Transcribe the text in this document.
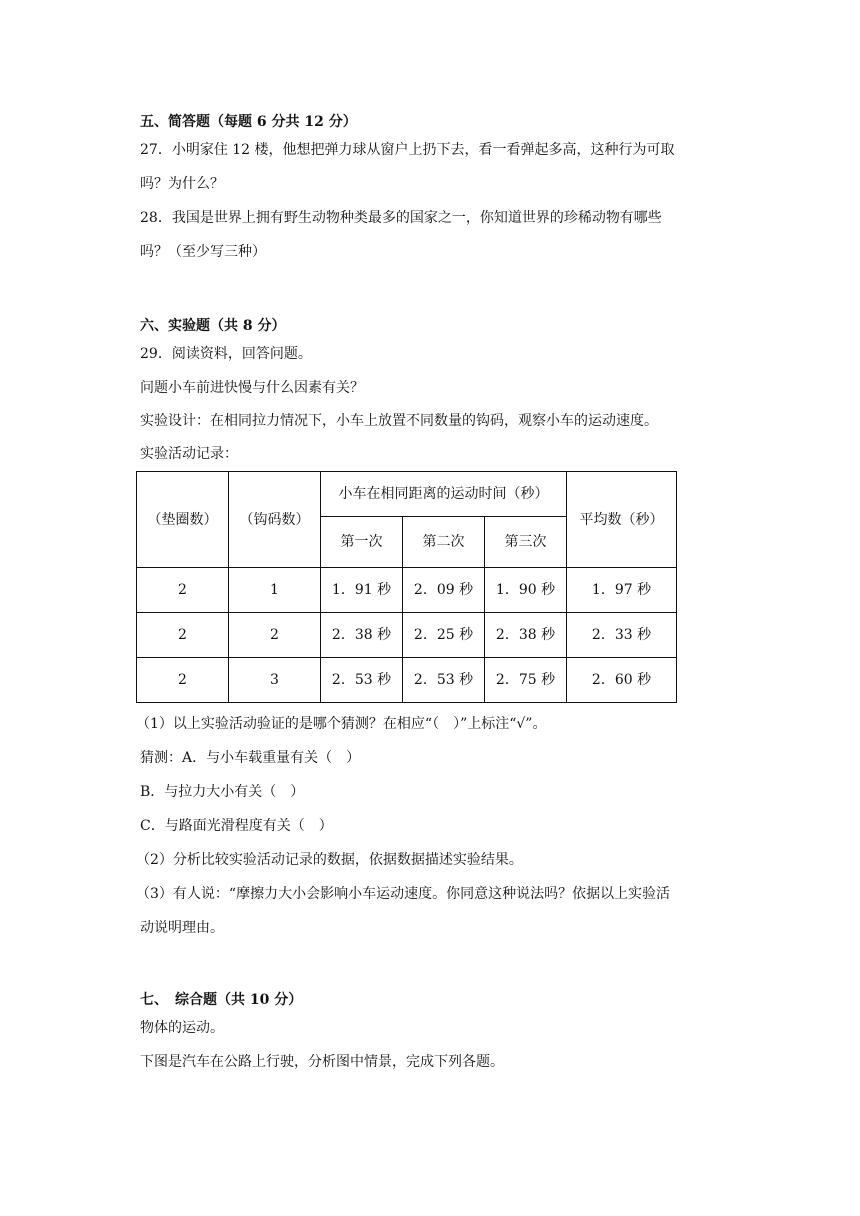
五、简答题（每题 6 分共 12 分）
27．小明家住 12 楼，他想把弹力球从窗户上扔下去，看一看弹起多高，这种行为可取
吗？为什么？
28．我国是世界上拥有野生动物种类最多的国家之一，你知道世界的珍稀动物有哪些
吗？（至少写三种）
六、实验题（共 8 分）
29．阅读资料，回答问题。
问题小车前进快慢与什么因素有关？
实验设计：在相同拉力情况下，小车上放置不同数量的钩码，观察小车的运动速度。
实验活动记录：
（垫圈数）	（钩码数）	小车在相同距离的运动时间（秒）			平均数（秒）
		第一次	第二次	第三次	
2	1	1．91 秒	2．09 秒	1．90 秒	1．97 秒
2	2	2．38 秒	2．25 秒	2．38 秒	2．33 秒
2	3	2．53 秒	2．53 秒	2．75 秒	2．60 秒
（1）以上实验活动验证的是哪个猜测？在相应“（　）”上标注“√”。
猜测：A．与小车载重量有关（　）
B．与拉力大小有关（　）
C．与路面光滑程度有关（　）
（2）分析比较实验活动记录的数据，依据数据描述实验结果。
（3）有人说：“摩擦力大小会影响小车运动速度。你同意这种说法吗？依据以上实验活
动说明理由。
七、　综合题（共 10 分）
物体的运动。
下图是汽车在公路上行驶，分析图中情景，完成下列各题。
